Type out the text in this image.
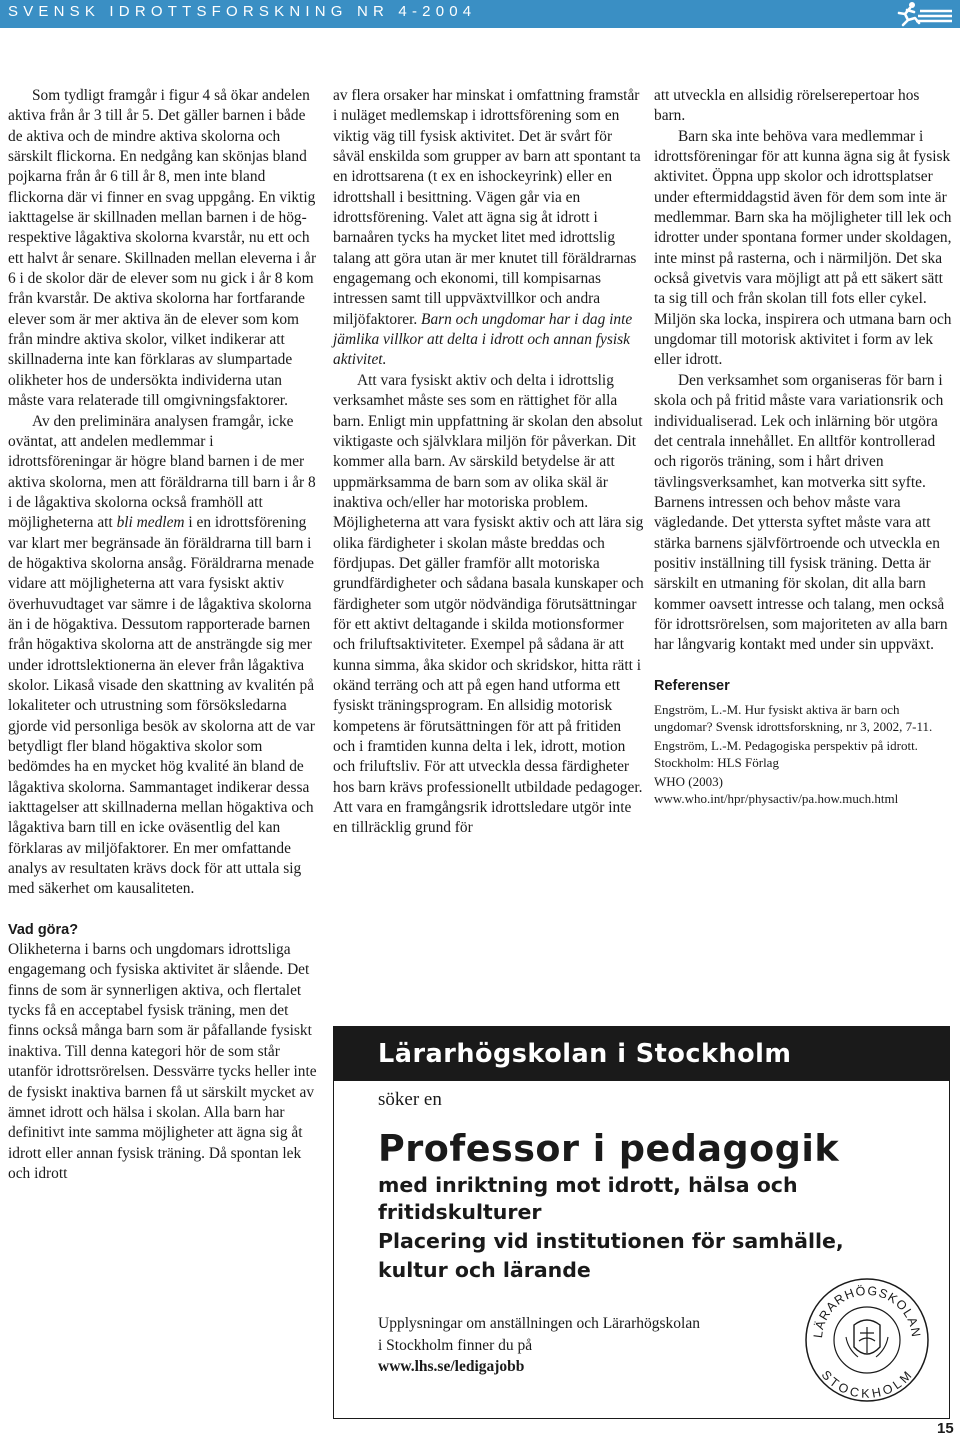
SVENSK IDROTTSFORSKNING NR 4-2004

Som tydligt framgår i figur 4 så ökar andelen aktiva från år 3 till år 5. Det gäller barnen i både de aktiva och de mindre aktiva skolorna och särskilt flickorna. En nedgång kan skönjas bland pojkarna från år 6 till år 8, men inte bland flickorna där vi finner en svag uppgång. En viktig iakttagelse är skillnaden mellan barnen i de hög- respektive lågaktiva skolorna kvarstår, nu ett och ett halvt år senare. Skillnaden mellan eleverna i år 6 i de skolor där de elever som nu gick i år 8 kom från kvarstår. De aktiva skolorna har fortfarande elever som är mer aktiva än de elever som kom från mindre aktiva skolor, vilket indikerar att skillnaderna inte kan förklaras av slumpartade olikheter hos de undersökta individerna utan måste vara relaterade till omgivningsfaktorer.

Av den preliminära analysen framgår, icke oväntat, att andelen medlemmar i idrottsföreningar är högre bland barnen i de mer aktiva skolorna, men att föräldrarna till barn i år 8 i de lågaktiva skolorna också framhöll att möjligheterna att bli medlem i en idrottsförening var klart mer begränsade än föräldrarna till barn i de högaktiva skolorna ansåg. Föräldrarna menade vidare att möjligheterna att vara fysiskt aktiv överhuvudtaget var sämre i de lågaktiva skolorna än i de högaktiva. Dessutom rapporterade barnen från högaktiva skolorna att de ansträngde sig mer under idrottslektionerna än elever från lågaktiva skolor. Likaså visade den skattning av kvalitén på lokaliteter och utrustning som försöksledarna gjorde vid personliga besök av skolorna att de var betydligt fler bland högaktiva skolor som bedömdes ha en mycket hög kvalité än bland de lågaktiva skolorna. Sammantaget indikerar dessa iakttagelser att skillnaderna mellan högaktiva och lågaktiva barn till en icke oväsentlig del kan förklaras av miljöfaktorer. En mer omfattande analys av resultaten krävs dock för att uttala sig med säkerhet om kausaliteten.

Vad göra?

Olikheterna i barns och ungdomars idrottsliga engagemang och fysiska aktivitet är slående. Det finns de som är synnerligen aktiva, och flertalet tycks få en acceptabel fysisk träning, men det finns också många barn som är påfallande fysiskt inaktiva. Till denna kategori hör de som står utanför idrottsrörelsen. Dessvärre tycks heller inte de fysiskt inaktiva barnen få ut särskilt mycket av ämnet idrott och hälsa i skolan. Alla barn har definitivt inte samma möjligheter att ägna sig åt idrott eller annan fysisk träning. Då spontan lek och idrott

av flera orsaker har minskat i omfattning framstår i nuläget medlemskap i idrottsförening som en viktig väg till fysisk aktivitet. Det är svårt för såväl enskilda som grupper av barn att spontant ta en idrottsarena (t ex en ishockeyrink) eller en idrottshall i besittning. Vägen går via en idrottsförening. Valet att ägna sig åt idrott i barnaåren tycks ha mycket litet med idrottslig talang att göra utan är mer knutet till föräldrarnas engagemang och ekonomi, till kompisarnas intressen samt till uppväxtvillkor och andra miljöfaktorer. Barn och ungdomar har i dag inte jämlika villkor att delta i idrott och annan fysisk aktivitet.

Att vara fysiskt aktiv och delta i idrottslig verksamhet måste ses som en rättighet för alla barn. Enligt min uppfattning är skolan den absolut viktigaste och självklara miljön för påverkan. Dit kommer alla barn. Av särskild betydelse är att uppmärksamma de barn som av olika skäl är inaktiva och/eller har motoriska problem. Möjligheterna att vara fysiskt aktiv och att lära sig olika färdigheter i skolan måste breddas och fördjupas. Det gäller framför allt motoriska grundfärdigheter och sådana basala kunskaper och färdigheter som utgör nödvändiga förutsättningar för ett aktivt deltagande i skilda motionsformer och friluftsaktiviteter. Exempel på sådana är att kunna simma, åka skidor och skridskor, hitta rätt i okänd terräng och att på egen hand utforma ett fysiskt träningsprogram. En allsidig motorisk kompetens är förutsättningen för att på fritiden och i framtiden kunna delta i lek, idrott, motion och friluftsliv. För att utveckla dessa färdigheter hos barn krävs professionellt utbildade pedagoger. Att vara en framgångsrik idrottsledare utgör inte en tillräcklig grund för

att utveckla en allsidig rörelserepertoar hos barn.

Barn ska inte behöva vara medlemmar i idrottsföreningar för att kunna ägna sig åt fysisk aktivitet. Öppna upp skolor och idrottsplatser under eftermiddagstid även för dem som inte är medlemmar. Barn ska ha möjligheter till lek och idrotter under spontana former under skoldagen, inte minst på rasterna, och i närmiljön. Det ska också givetvis vara möjligt att på ett säkert sätt ta sig till och från skolan till fots eller cykel. Miljön ska locka, inspirera och utmana barn och ungdomar till motorisk aktivitet i form av lek eller idrott.

Den verksamhet som organiseras för barn i skola och på fritid måste vara variationsrik och individualiserad. Lek och inlärning bör utgöra det centrala innehållet. En alltför kontrollerad och rigorös träning, som i hårt driven tävlingsverksamhet, kan motverka sitt syfte. Barnens intressen och behov måste vara vägledande. Det yttersta syftet måste vara att stärka barnens självförtroende och utveckla en positiv inställning till fysisk träning. Detta är särskilt en utmaning för skolan, dit alla barn kommer oavsett intresse och talang, men också för idrottsrörelsen, som majoriteten av alla barn har långvarig kontakt med under sin uppväxt.

Referenser

Engström, L.-M. Hur fysiskt aktiva är barn och ungdomar? Svensk idrottsforskning, nr 3, 2002, 7-11.

Engström, L.-M. Pedagogiska perspektiv på idrott. Stockholm: HLS Förlag

WHO (2003) www.who.int/hpr/physactiv/pa.how.much.html

Lärarhögskolan i Stockholm
söker en
Professor i pedagogik
med inriktning mot idrott, hälsa och fritidskulturer
Placering vid institutionen för samhälle, kultur och lärande
Upplysningar om anställningen och Lärarhögskolan i Stockholm finner du på
www.lhs.se/ledigajobb
LÄRARHÖGSKOLAN
STOCKHOLM
15
